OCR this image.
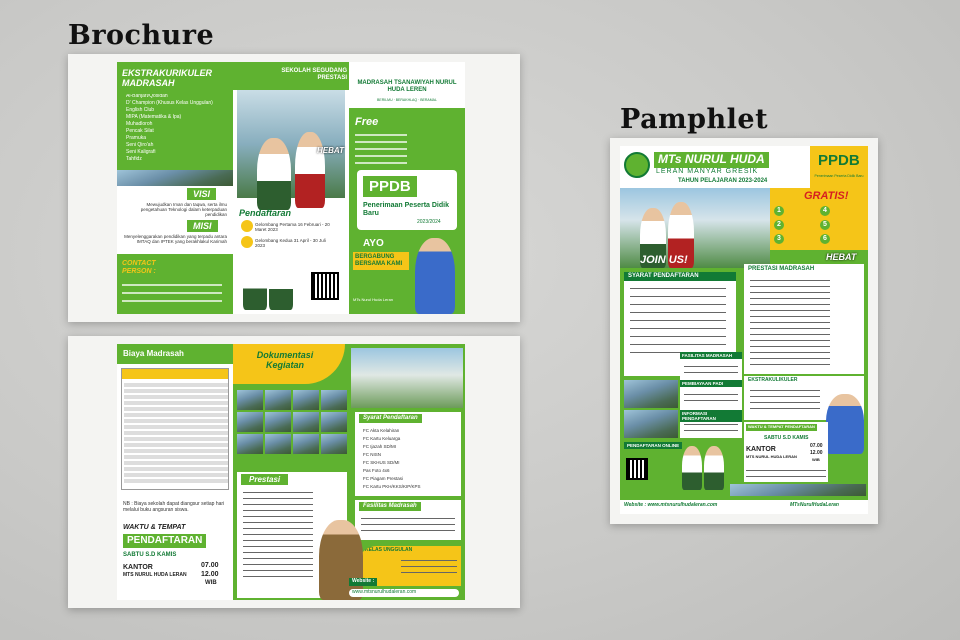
Brochure
Pamphlet
EKSTRAKURIKULER MADRASAH
Al-Banjari/Qosidah
D' Champion (Khusus Kelas Unggulan)
English Club
MIPA (Matematika & Ipa)
Muhadloroh
Pencak Silat
Pramuka
Seni Qiro'ah
Seni Kaligrafi
Tahfidz
VISI
Mewujudkan Iman dan taqwa, serta ilmu pengetahuan Teknologi dalam keterpaduan pendidikan
MISI
Menyelenggarakan pendidikan yang terpadu antara IMTAQ dan IPTEK yang berakhlakul Karimah
CONTACT PERSON :
SEKOLAH SEGUDANG PRESTASI
Pendaftaran
Gelombang Pertama 16 Februari - 20 Maret 2023
Gelombang Kedua 31 April - 30 Juli 2023
HEBAT
MADRASAH TSANAWIYAH NURUL HUDA LEREN
BERILMU · BERAKHLAQ · BERAMAL
Free
PPDB
Penerimaan Peserta Didik Baru
2023/2024
AYO
BERGABUNG BERSAMA KAMI
MTs Nurul Huda Leran
Biaya Madrasah
NB : Biaya sekolah dapat diangsur setiap hari melalui buku angsuran siswa.
WAKTU & TEMPAT
PENDAFTARAN
SABTU S.D KAMIS
KANTOR
MTS NURUL HUDA LERAN
07.00
12.00
WIB
Dokumentasi Kegiatan
Prestasi
Syarat Pendaftaran
FC Akta Kelahiran
FC Kartu Keluarga
FC Ijazah SD/MI
FC NISN
FC SKHUS SD/MI
Pas Foto 4x6
FC Piagam Prestasi
FC Kartu PKH/KKS/KIP/KPS
Fasilitas Madrasah
KELAS UNGGULAN
Website :
www.mtsnurulhudaleran.com
MTs NURUL HUDA
LERAN MANYAR GRESIK
TAHUN PELAJARAN 2023-2024
PPDB
Penerimaan Peserta Didik Baru
JOIN US!
GRATIS!
1
2
3
4
5
6
HEBAT
SYARAT PENDAFTARAN
FASILITAS MADRASAH
PEMBIAYAAN PADI
INFORMASI PENDAFTARAN
PENDAFTARAN ONLINE
PRESTASI MADRASAH
EKSTRAKULIKULER
WAKTU & TEMPAT PENDAFTARAN
SABTU S.D KAMIS
KANTOR
MTS NURUL HUDA LERAN
07.00
12.00
WIB
Website : www.mtsnurulhudaleran.com	MTsNurulHudaLeran
